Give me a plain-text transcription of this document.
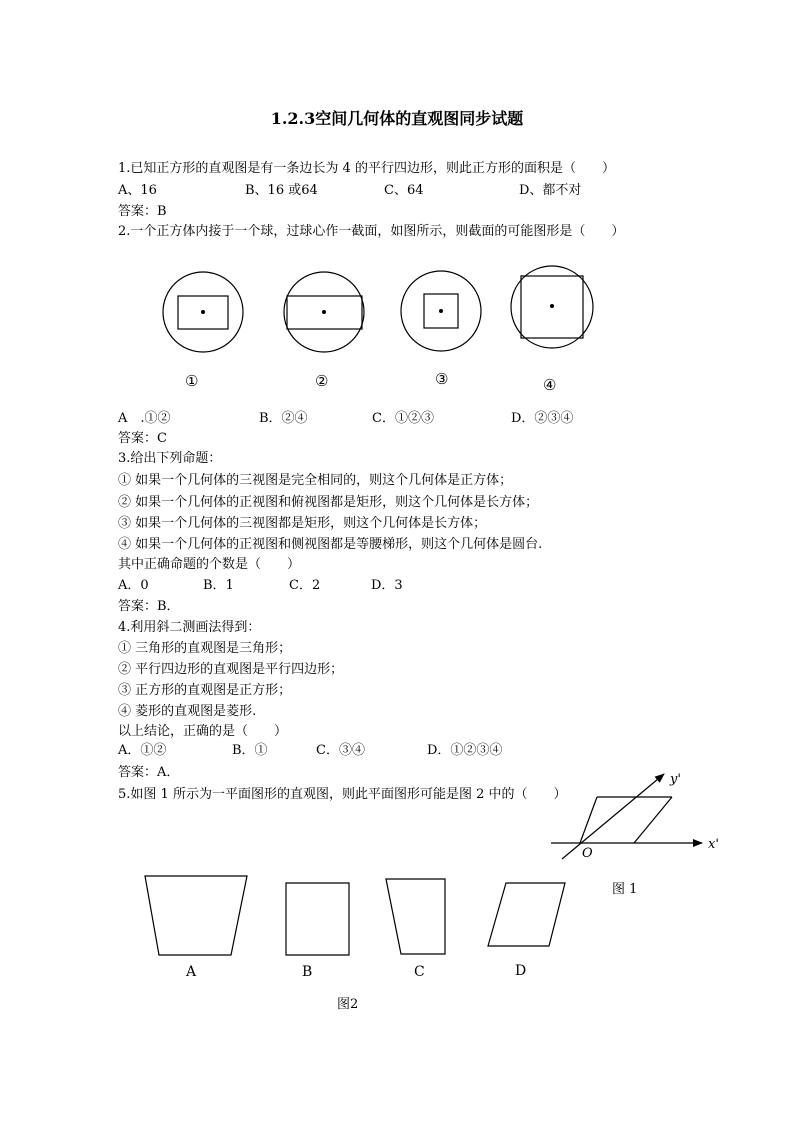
1.2.3空间几何体的直观图同步试题
1.已知正方形的直观图是有一条边长为 4 的平行四边形，则此正方形的面积是（　　）
A、16	B、16 或64	C、64	D、都不对
答案：B
2.一个正方体内接于一个球，过球心作一截面，如图所示，则截面的可能图形是（　　）
①	②	③	④
A　.①②	B．②④	C．①②③	D．②③④
答案：C
3.给出下列命题：
① 如果一个几何体的三视图是完全相同的，则这个几何体是正方体；
② 如果一个几何体的正视图和俯视图都是矩形，则这个几何体是长方体；
③ 如果一个几何体的三视图都是矩形，则这个几何体是长方体；
④ 如果一个几何体的正视图和侧视图都是等腰梯形，则这个几何体是圆台.
其中正确命题的个数是（　　）
A．0	B．1	C．2	D．3
答案：B．
4.利用斜二测画法得到：
① 三角形的直观图是三角形；
② 平行四边形的直观图是平行四边形；
③ 正方形的直观图是正方形；
④ 菱形的直观图是菱形.
以上结论，正确的是（　　）
A．①②	B．①	C．③④	D．①②③④
答案：A．
5.如图 1 所示为一平面图形的直观图，则此平面图形可能是图 2 中的（　　）
y'
x'
O
图 1
A	B	C	D
图2
